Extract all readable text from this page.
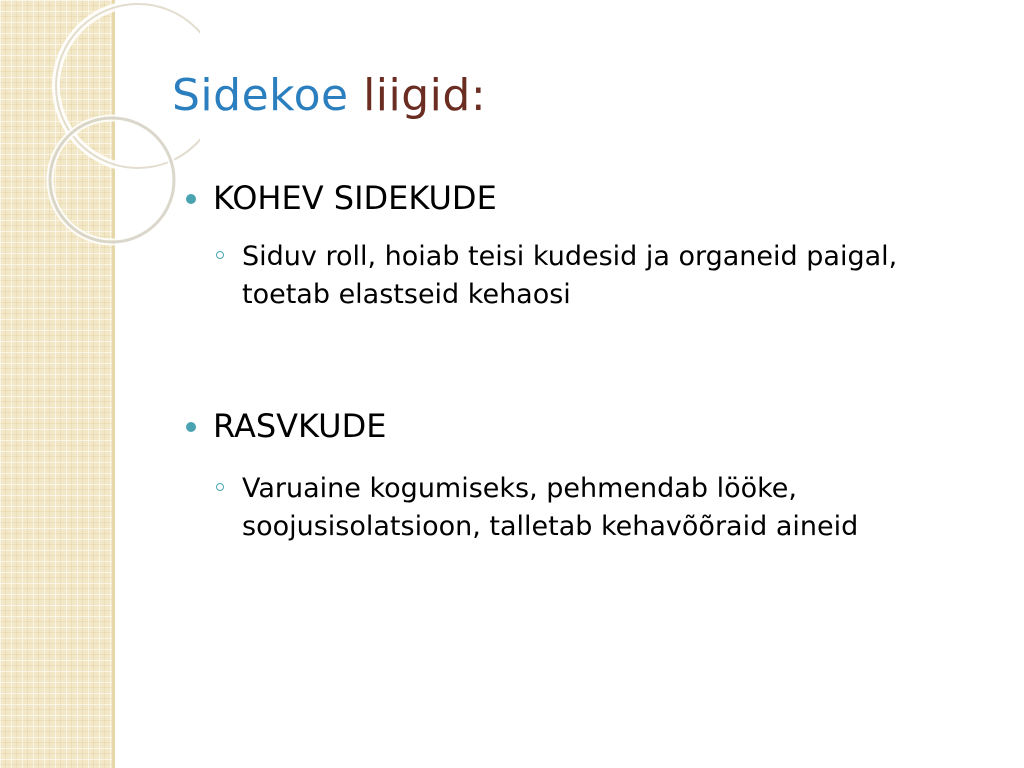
Sidekoe liigid:
KOHEV SIDEKUDE
Siduv roll, hoiab teisi kudesid ja organeid paigal, toetab elastseid kehaosi
RASVKUDE
Varuaine kogumiseks, pehmendab lööke, soojusisolatsioon, talletab kehavõõraid aineid
